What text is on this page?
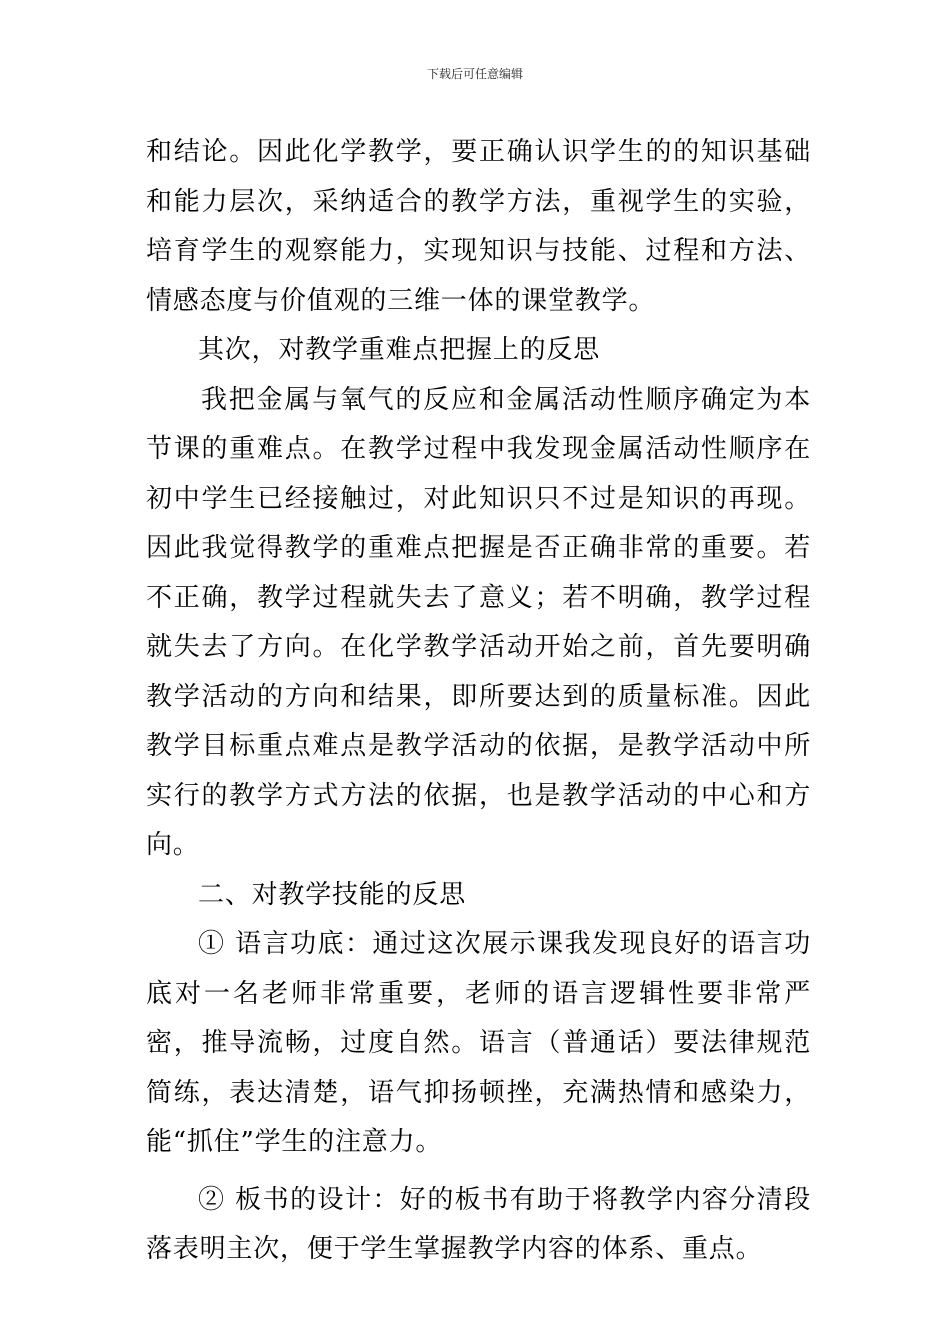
下载后可任意编辑

和结论。因此化学教学，要正确认识学生的的知识基础和能力层次，采纳适合的教学方法，重视学生的实验，培育学生的观察能力，实现知识与技能、过程和方法、情感态度与价值观的三维一体的课堂教学。

其次，对教学重难点把握上的反思

我把金属与氧气的反应和金属活动性顺序确定为本节课的重难点。在教学过程中我发现金属活动性顺序在初中学生已经接触过，对此知识只不过是知识的再现。因此我觉得教学的重难点把握是否正确非常的重要。若不正确，教学过程就失去了意义；若不明确，教学过程就失去了方向。在化学教学活动开始之前，首先要明确教学活动的方向和结果，即所要达到的质量标准。因此教学目标重点难点是教学活动的依据，是教学活动中所实行的教学方式方法的依据，也是教学活动的中心和方向。

二、对教学技能的反思

① 语言功底：通过这次展示课我发现良好的语言功底对一名老师非常重要，老师的语言逻辑性要非常严密，推导流畅，过度自然。语言（普通话）要法律规范简练，表达清楚，语气抑扬顿挫，充满热情和感染力，能“抓住”学生的注意力。

② 板书的设计：好的板书有助于将教学内容分清段落表明主次，便于学生掌握教学内容的体系、重点。
